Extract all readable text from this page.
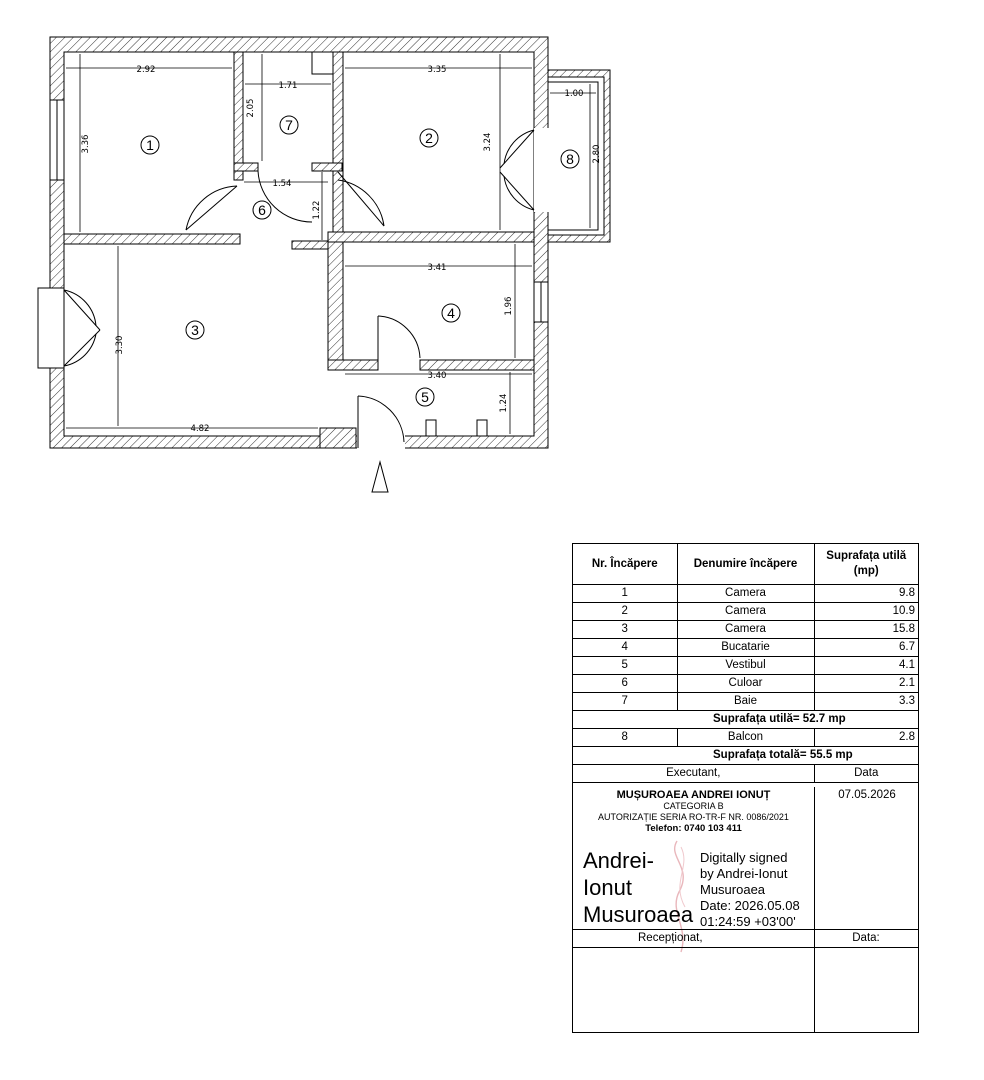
2.92
3.36
1.71
2.05
3.35
3.24
1.00
2.80
1.54
1.22
3.41
1.96
3.30
4.82
3.40
1.24
1	2
3
4
5
6
7
8
Nr. Încăpere	Denumire încăpere	Suprafața utilă (mp)
1	Camera	9.8
2	Camera	10.9
3	Camera	15.8
4	Bucatarie	6.7
5	Vestibul	4.1
6	Culoar	2.1
7	Baie	3.3
Suprafața utilă= 52.7 mp		
8	Balcon	2.8
Suprafața totală= 55.5 mp		
Executant,		Data
MUȘUROAEA ANDREI IONUȚ
CATEGORIA B
AUTORIZAȚIE SERIA RO-TR-F NR. 0086/2021
Telefon: 0740 103 411
Andrei-
Ionut
Musuroaea
Digitally signed
by Andrei-Ionut
Musuroaea
Date: 2026.05.08
01:24:59 +03'00'
07.05.2026
Recepționat,	Data:
